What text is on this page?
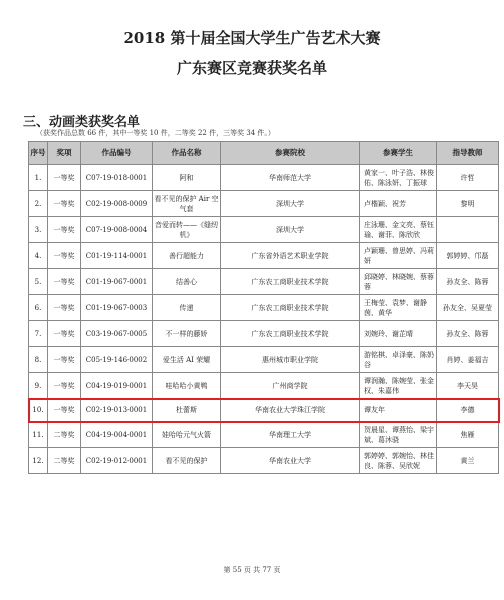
2018 第十届全国大学生广告艺术大赛
广东赛区竞赛获奖名单
三、动画类获奖名单
（获奖作品总数 66 件，其中一等奖 10 件，二等奖 22 件，三等奖 34 件。）
序号	奖项	作品编号	作品名称	参赛院校	参赛学生	指导教师
1.	一等奖	C07-19-018-0001	阿和	华南师范大学	黄家一、叶子浩、林俊佑、陈泳妍、丁振球	许哲
2.	一等奖	C02-19-008-0009	看不见的保护 Air 空气套	深圳大学	卢楷颖、祝芳	黎明
3.	一等奖	C07-19-008-0004	音爱而转——《缝纫机》	深圳大学	庄泳珊、金文亮、蔡钰瑜、谢菲、陈欣欣	
4.	一等奖	C01-19-114-0001	善行超能力	广东省外语艺术职业学院	卢颖珊、曾思婷、冯莉妍	郭婷婷、邝磊
5.	一等奖	C01-19-067-0001	结善心	广东农工商职业技术学院	邱晓婷、林晓婉、蔡蓉蓉	孙友全、陈蓉
6.	一等奖	C01-19-067-0003	传递	广东农工商职业技术学院	王梅莹、袁梦、谢静茵、黄华	孙友全、吴夏莹
7.	一等奖	C03-19-067-0005	不一样的藤娇	广东农工商职业技术学院	刘婉玲、谢芷晴	孙友全、陈蓉
8.	一等奖	C05-19-146-0002	爱生活 AI 荣耀	惠州城市职业学院	游铭棋、卓泽豪、陈奶谷	肖婷、姜福吉
9.	一等奖	C04-19-019-0001	哇哈哈小黄鸭	广州商学院	谭润瀚、陈婉莹、张金权、朱嘉伟	李天昊
10.	一等奖	C02-19-013-0001	杜蕾斯	华南农业大学珠江学院	谭友年	李德
11.	二等奖	C04-19-004-0001	娃哈哈元气火箭	华南理工大学	贺晨星、谭燕怡、梁宇斌、葛沐骁	焦雁
12.	二等奖	C02-19-012-0001	看不见的保护	华南农业大学	郭婷婷、郭婉怡、林佳良、陈蓉、吴欣妮	黄兰
第 55 页 共 77 页
